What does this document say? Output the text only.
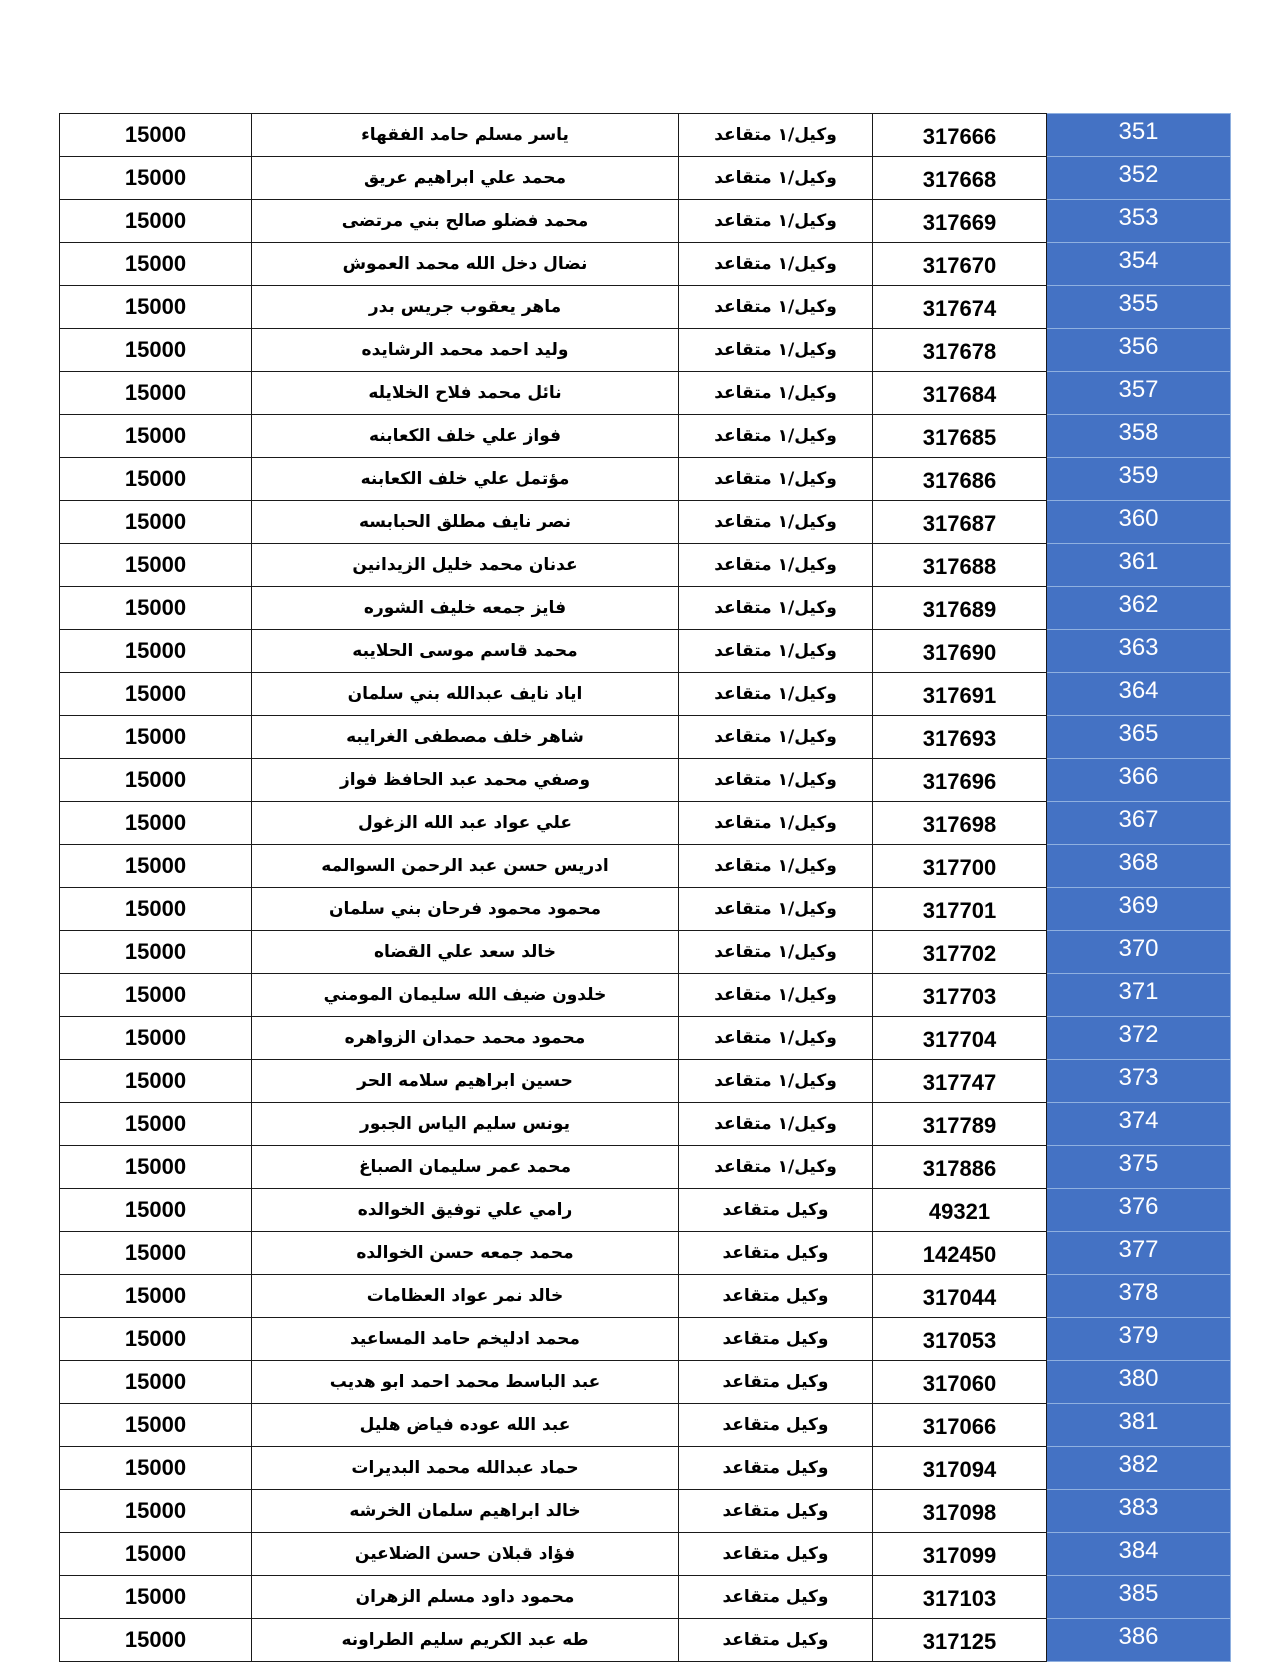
15000	ياسر مسلم حامد الفقهاء	وكيل/١ متقاعد	317666	351
15000	محمد علي ابراهيم عريق	وكيل/١ متقاعد	317668	352
15000	محمد فضلو صالح بني مرتضى	وكيل/١ متقاعد	317669	353
15000	نضال دخل الله محمد العموش	وكيل/١ متقاعد	317670	354
15000	ماهر يعقوب جريس بدر	وكيل/١ متقاعد	317674	355
15000	وليد احمد محمد الرشايده	وكيل/١ متقاعد	317678	356
15000	نائل محمد فلاح الخلايله	وكيل/١ متقاعد	317684	357
15000	فواز علي خلف الكعابنه	وكيل/١ متقاعد	317685	358
15000	مؤتمل علي خلف الكعابنه	وكيل/١ متقاعد	317686	359
15000	نصر نايف مطلق الحبابسه	وكيل/١ متقاعد	317687	360
15000	عدنان محمد خليل الزيدانين	وكيل/١ متقاعد	317688	361
15000	فايز جمعه خليف الشوره	وكيل/١ متقاعد	317689	362
15000	محمد قاسم موسى الحلايبه	وكيل/١ متقاعد	317690	363
15000	اياد نايف عبدالله بني سلمان	وكيل/١ متقاعد	317691	364
15000	شاهر خلف مصطفى الغرايبه	وكيل/١ متقاعد	317693	365
15000	وصفي محمد عبد الحافظ فواز	وكيل/١ متقاعد	317696	366
15000	علي عواد عبد الله الزغول	وكيل/١ متقاعد	317698	367
15000	ادريس حسن عبد الرحمن السوالمه	وكيل/١ متقاعد	317700	368
15000	محمود محمود فرحان بني سلمان	وكيل/١ متقاعد	317701	369
15000	خالد سعد علي القضاه	وكيل/١ متقاعد	317702	370
15000	خلدون ضيف الله سليمان المومني	وكيل/١ متقاعد	317703	371
15000	محمود محمد حمدان الزواهره	وكيل/١ متقاعد	317704	372
15000	حسين ابراهيم سلامه الحر	وكيل/١ متقاعد	317747	373
15000	يونس سليم الياس الجبور	وكيل/١ متقاعد	317789	374
15000	محمد عمر سليمان الصباغ	وكيل/١ متقاعد	317886	375
15000	رامي علي توفيق الخوالده	وكيل متقاعد	49321	376
15000	محمد جمعه حسن الخوالده	وكيل متقاعد	142450	377
15000	خالد نمر عواد العظامات	وكيل متقاعد	317044	378
15000	محمد ادليخم حامد المساعيد	وكيل متقاعد	317053	379
15000	عبد الباسط محمد احمد ابو هديب	وكيل متقاعد	317060	380
15000	عبد الله عوده فياض هليل	وكيل متقاعد	317066	381
15000	حماد عبدالله محمد البديرات	وكيل متقاعد	317094	382
15000	خالد ابراهيم سلمان الخرشه	وكيل متقاعد	317098	383
15000	فؤاد قبلان حسن الضلاعين	وكيل متقاعد	317099	384
15000	محمود داود مسلم الزهران	وكيل متقاعد	317103	385
15000	طه عبد الكريم سليم الطراونه	وكيل متقاعد	317125	386
